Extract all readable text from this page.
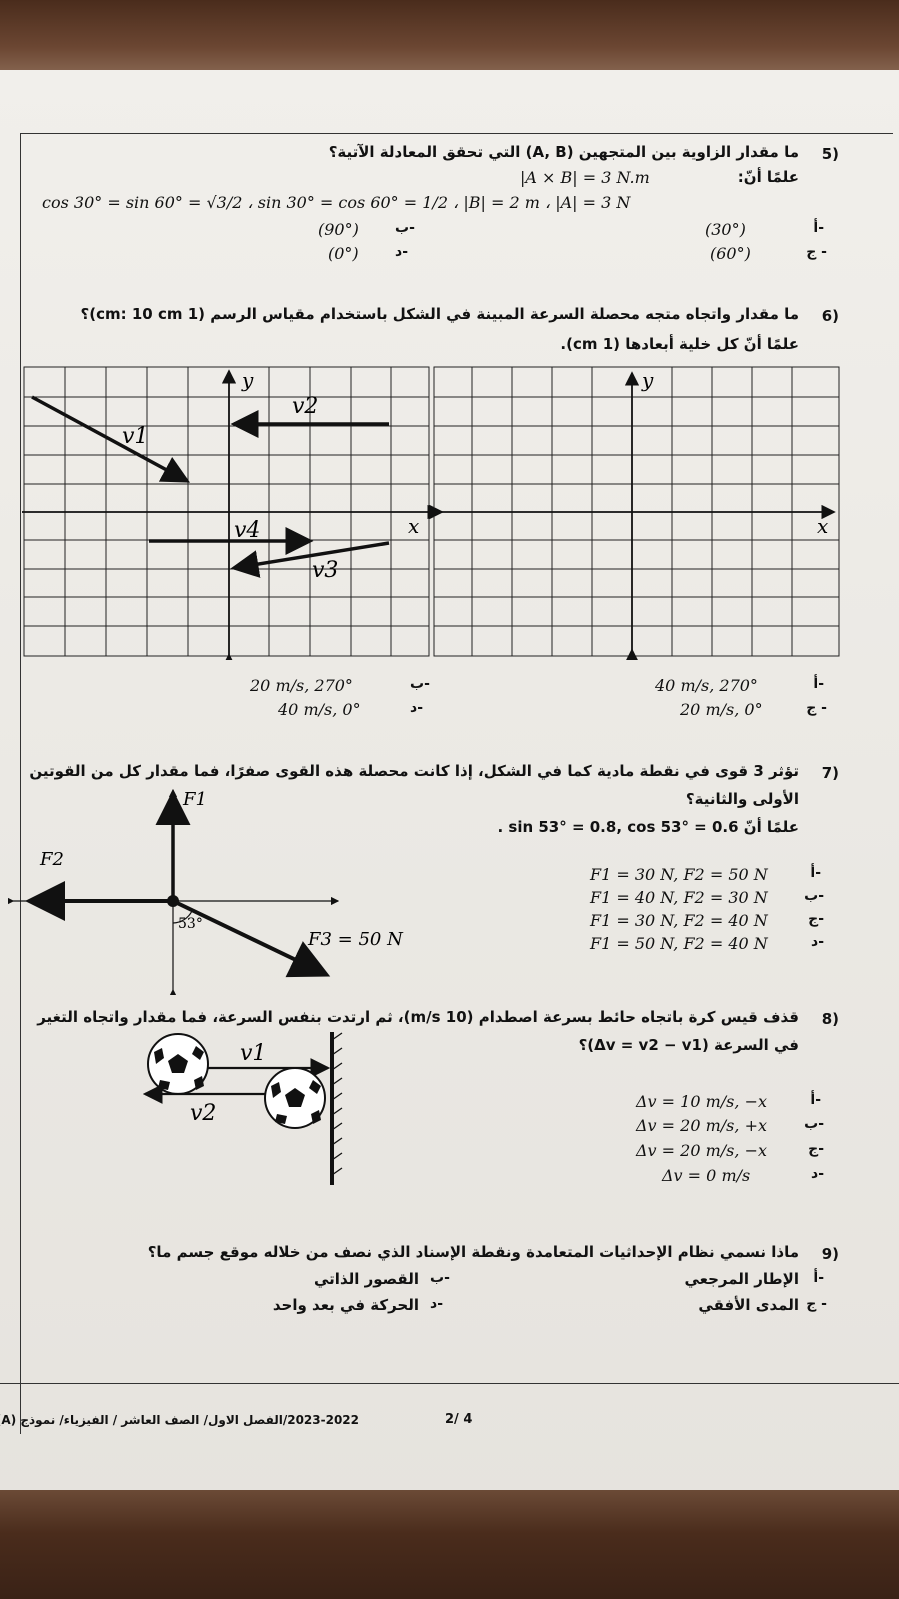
5)
ما مقدار الزاوية بين المتجهين (A, B) التي تحقق المعادلة الآتية؟
علمًا أنّ:
|A × B| = 3 N.m
cos 30° = sin 60° = √3/2 ، sin 30° = cos 60° = 1/2 ، |B| = 2 m ، |A| = 3 N
أ-
(30°)
ب-
(90°)
ج -
(60°)
د-
(0°)
6)
ما مقدار واتجاه متجه محصلة السرعة المبينة في الشكل باستخدام مقياس الرسم (1 cm: 10 cm)؟
علمًا أنّ كل خلية أبعادها (1 cm).
y
x
v1
v2
v3
v4
y
x
أ-
40 m/s, 270°
ب-
20 m/s, 270°
ج -
20 m/s, 0°
د-
40 m/s, 0°
7)
تؤثر 3 قوى في نقطة مادية كما في الشكل، إذا كانت محصلة هذه القوى صفرًا، فما مقدار كل من القوتين
الأولى والثانية؟
علمًا أنّ sin 53° = 0.8, cos 53° = 0.6 .
F1
F2
F3 = 50 N
53°
أ-
F1 = 30 N, F2 = 50 N
ب-
F1 = 40 N, F2 = 30 N
ج-
F1 = 30 N, F2 = 40 N
د-
F1 = 50 N, F2 = 40 N
8)
قذف قيس كرة باتجاه حائط بسرعة اصطدام (10 m/s)، ثم ارتدت بنفس السرعة، فما مقدار واتجاه التغير
في السرعة (Δv = v2 − v1)؟
v1
v2
أ-
Δv = 10 m/s, −x
ب-
Δv = 20 m/s, +x
ج-
Δv = 20 m/s, −x
د-
Δv = 0 m/s
9)
ماذا نسمي نظام الإحداثيات المتعامدة ونقطة الإسناد الذي نصف من خلاله موقع جسم ما؟
أ-
الإطار المرجعي
ب-
القصور الذاتي
ج -
المدى الأفقي
د-
الحركة في بعد واحد
2023-2022/الفصل الاول/ الصف العاشر / الفيزياء/ نموذج (A	2/ 4
